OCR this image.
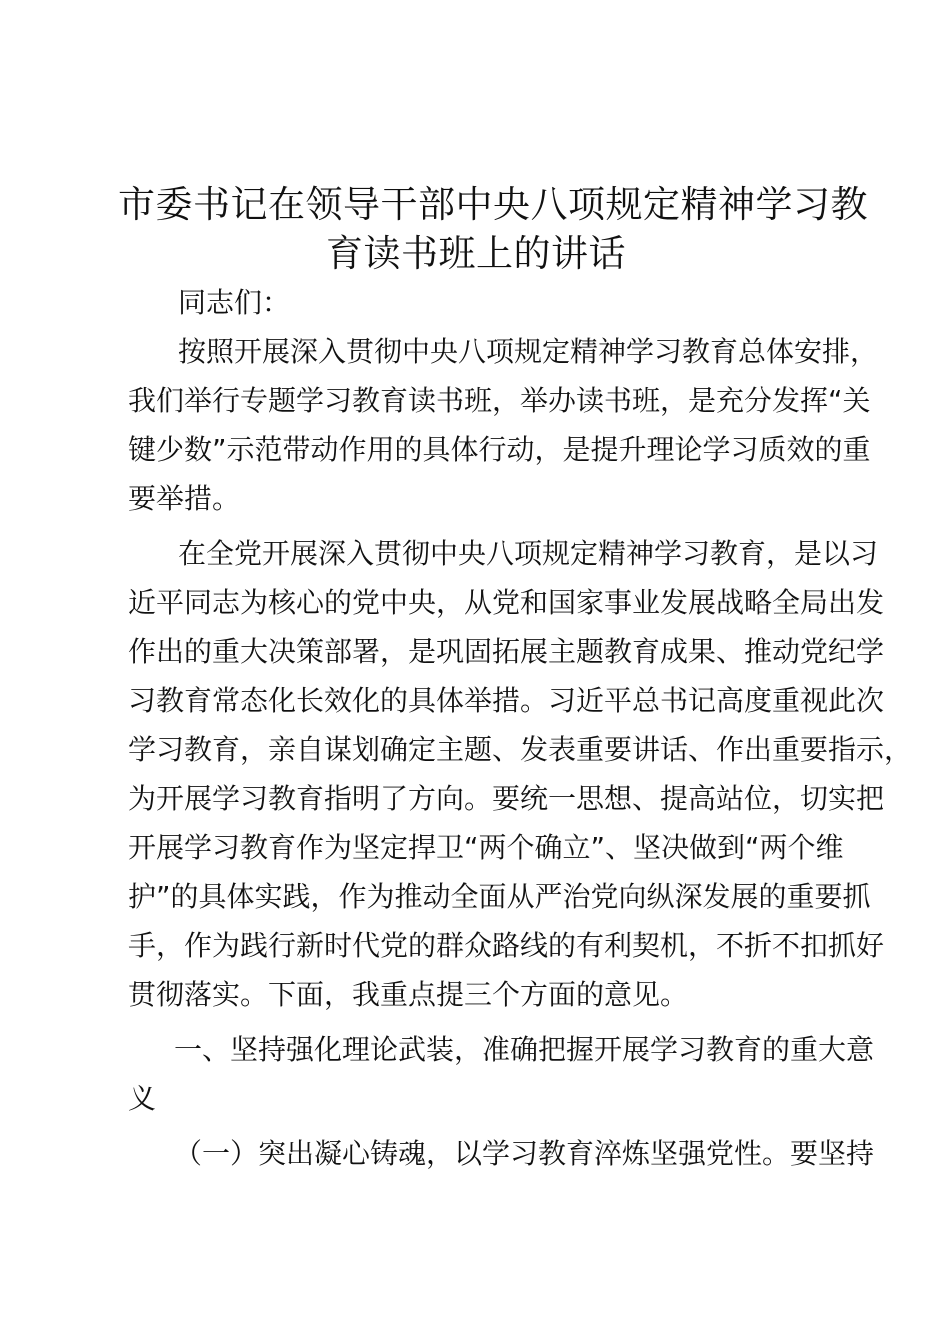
市委书记在领导干部中央八项规定精神学习教
育读书班上的讲话

同志们：

按照开展深入贯彻中央八项规定精神学习教育总体安排，
我们举行专题学习教育读书班，举办读书班，是充分发挥“关
键少数”示范带动作用的具体行动，是提升理论学习质效的重
要举措。
在全党开展深入贯彻中央八项规定精神学习教育，是以习
近平同志为核心的党中央，从党和国家事业发展战略全局出发
作出的重大决策部署，是巩固拓展主题教育成果、推动党纪学
习教育常态化长效化的具体举措。习近平总书记高度重视此次
学习教育，亲自谋划确定主题、发表重要讲话、作出重要指示，
为开展学习教育指明了方向。要统一思想、提高站位，切实把
开展学习教育作为坚定捍卫“两个确立”、坚决做到“两个维
护”的具体实践，作为推动全面从严治党向纵深发展的重要抓
手，作为践行新时代党的群众路线的有利契机，不折不扣抓好
贯彻落实。下面，我重点提三个方面的意见。
一、坚持强化理论武装，准确把握开展学习教育的重大意
义
（一）突出凝心铸魂，以学习教育淬炼坚强党性。要坚持
